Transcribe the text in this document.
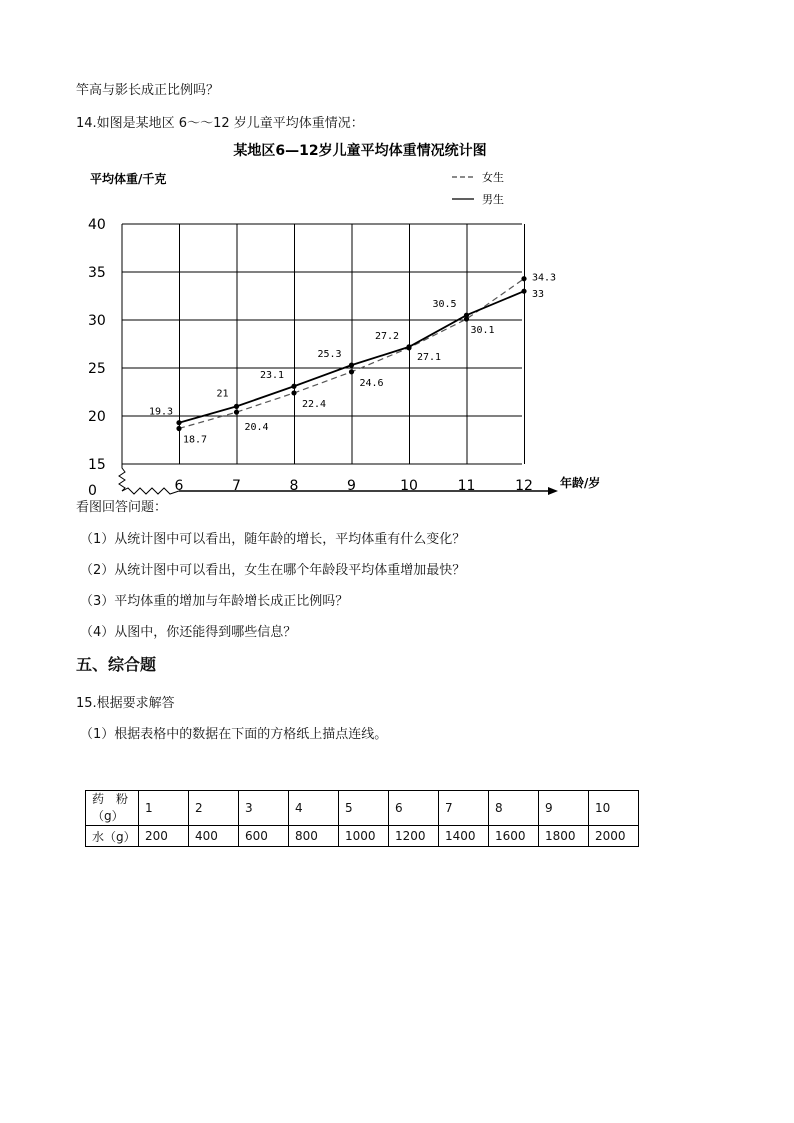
竿高与影长成正比例吗？
14.如图是某地区 6～～12 岁儿童平均体重情况：
某地区6—12岁儿童平均体重情况统计图
平均体重/千克
年龄/岁
0
15
20
25
30
35
40
6	7	8	9	10	11	12
女生
男生
18.7
20.4
22.4
24.6
27.1
30.1
34.3
19.3
21
23.1
25.3
27.2
30.5
33
看图回答问题：
（1）从统计图中可以看出，随年龄的增长，平均体重有什么变化？
（2）从统计图中可以看出，女生在哪个年龄段平均体重增加最快？
（3）平均体重的增加与年龄增长成正比例吗？
（4）从图中，你还能得到哪些信息？
五、综合题
15.根据要求解答
（1）根据表格中的数据在下面的方格纸上描点连线。
药　粉（g）	1	2	3	4	5	6	7	8	9	10
水（g）	200	400	600	800	1000	1200	1400	1600	1800	2000
